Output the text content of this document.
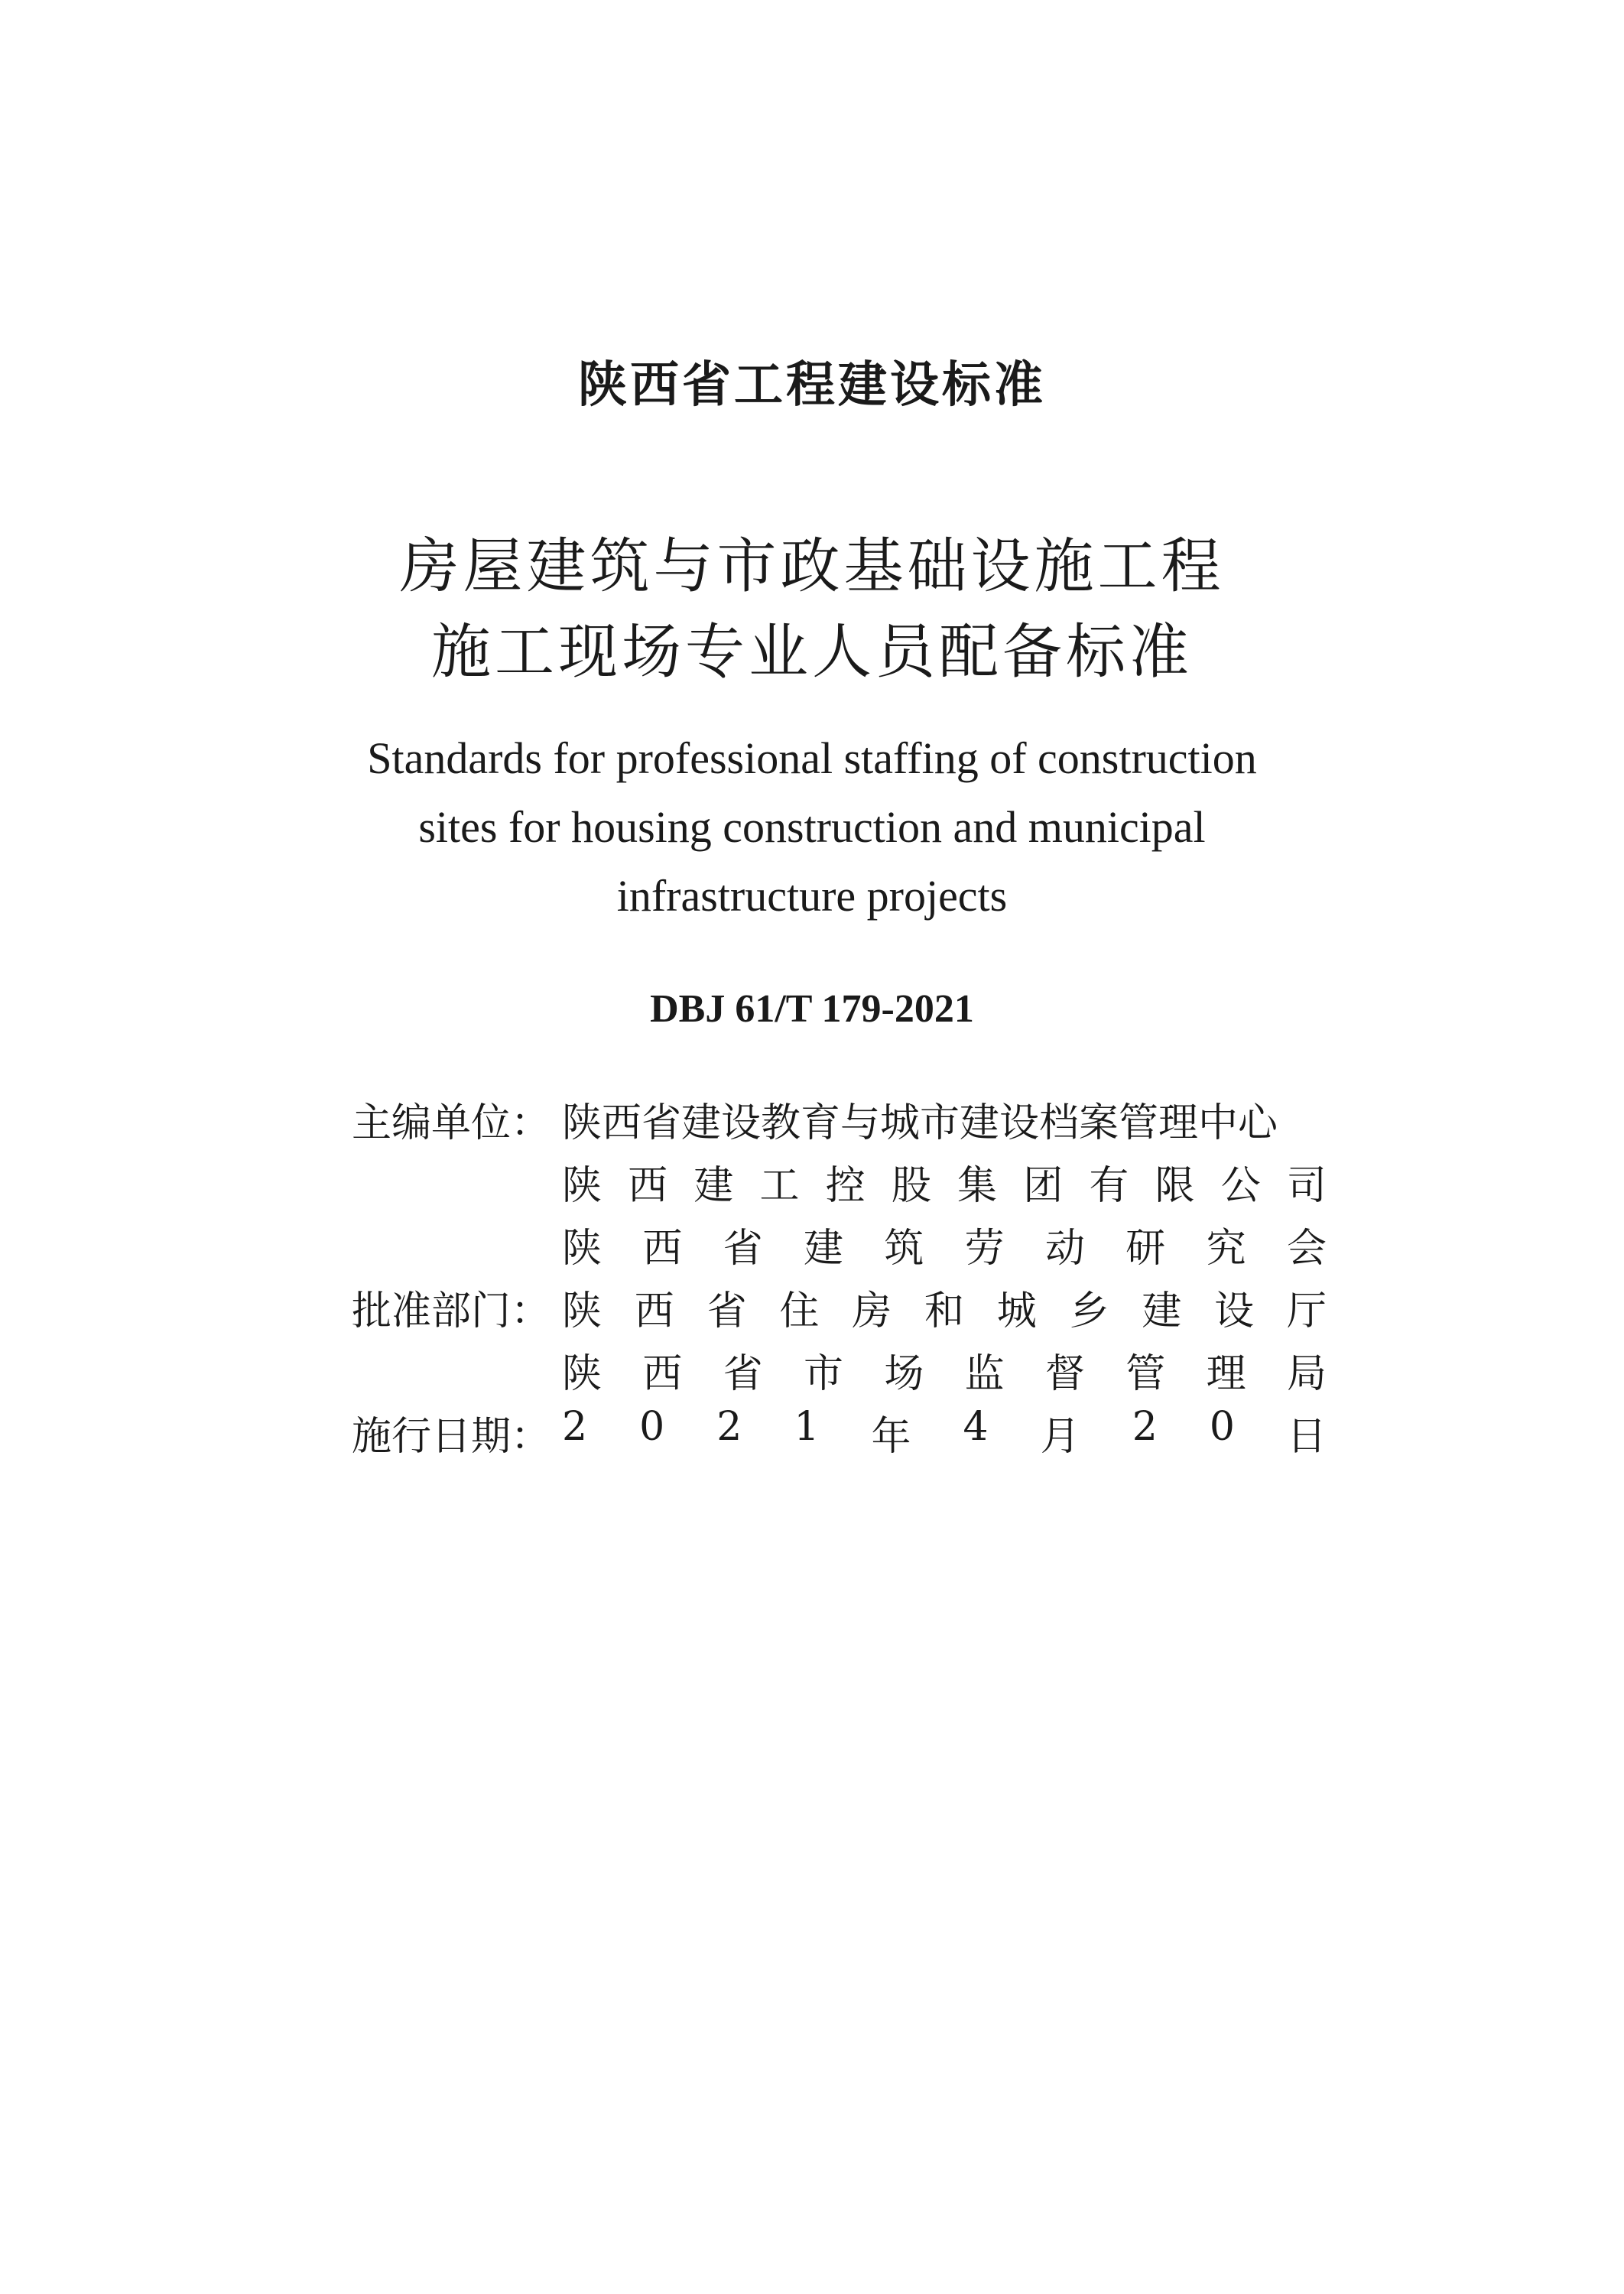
陕西省工程建设标准
房屋建筑与市政基础设施工程
施工现场专业人员配备标准
Standards for professional staffing of construction
sites for housing construction and municipal
infrastructure projects
DBJ 61/T 179-2021
主编单位： 陕西省建设教育与城市建设档案管理中心
陕 西 建 工 控 股 集 团 有 限 公 司
陕 西 省 建 筑 劳 动 研 究 会
批准部门： 陕 西 省 住 房 和 城 乡 建 设 厅
陕 西 省 市 场 监 督 管 理 局
施行日期： 2 0 2 1 年 4 月 2 0 日
